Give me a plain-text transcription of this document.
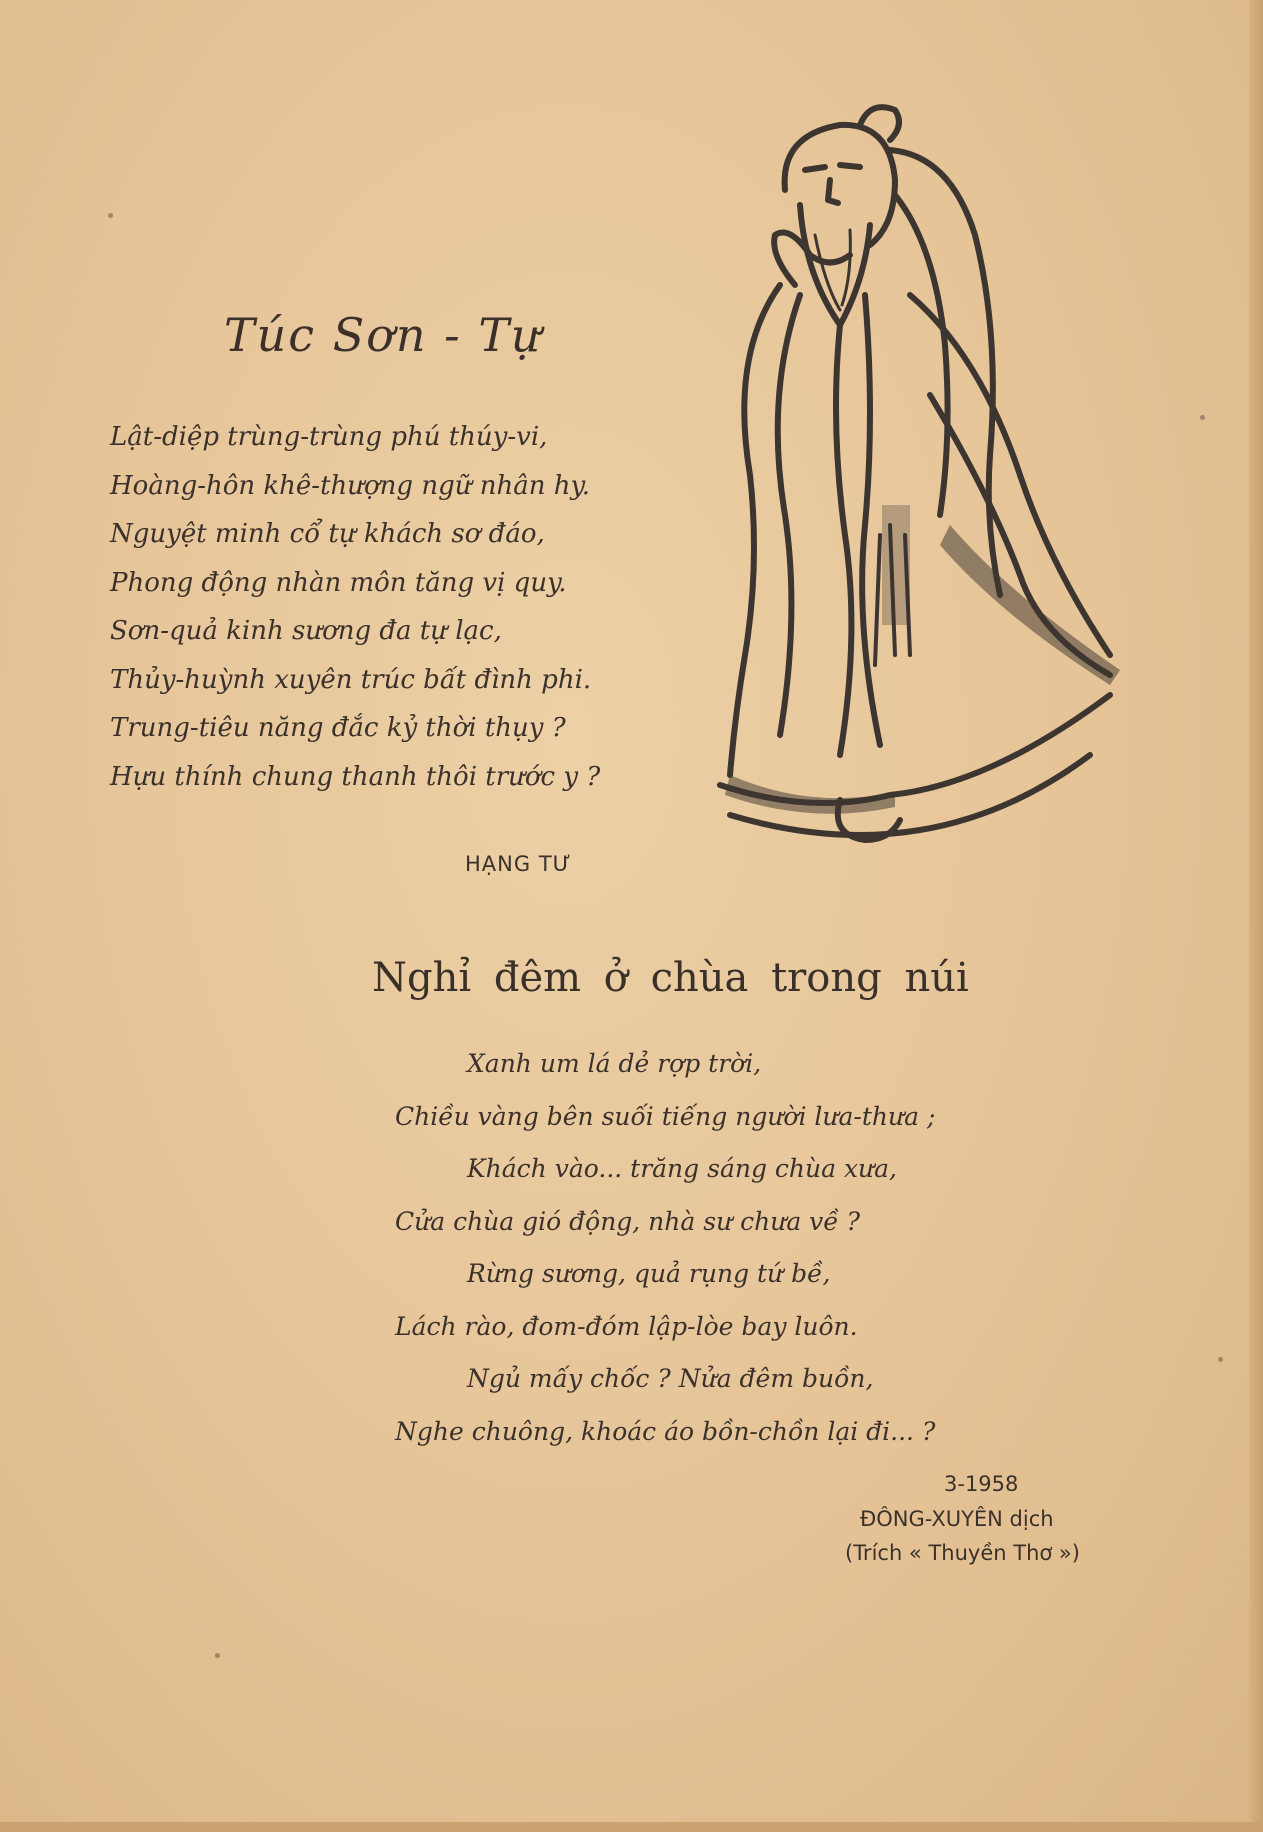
Túc Sơn - Tự
Lật-diệp trùng-trùng phú thúy-vi,
Hoàng-hôn khê-thượng ngữ nhân hy.
Nguyệt minh cổ tự khách sơ đáo,
Phong động nhàn môn tăng vị quy.
Sơn-quả kinh sương đa tự lạc,
Thủy-huỳnh xuyên trúc bất đình phi.
Trung-tiêu năng đắc kỷ thời thụy ?
Hựu thính chung thanh thôi trước y ?
HẠNG TƯ
Nghỉ đêm ở chùa trong núi
Xanh um lá dẻ rợp trời,
Chiều vàng bên suối tiếng người lưa-thưa ;
Khách vào... trăng sáng chùa xưa,
Cửa chùa gió động, nhà sư chưa về ?
Rừng sương, quả rụng tứ bề,
Lách rào, đom-đóm lập-lòe bay luôn.
Ngủ mấy chốc ? Nửa đêm buồn,
Nghe chuông, khoác áo bồn-chồn lại đi... ?
3-1958
ĐÔNG-XUYÊN dịch
(Trích « Thuyền Thơ »)
